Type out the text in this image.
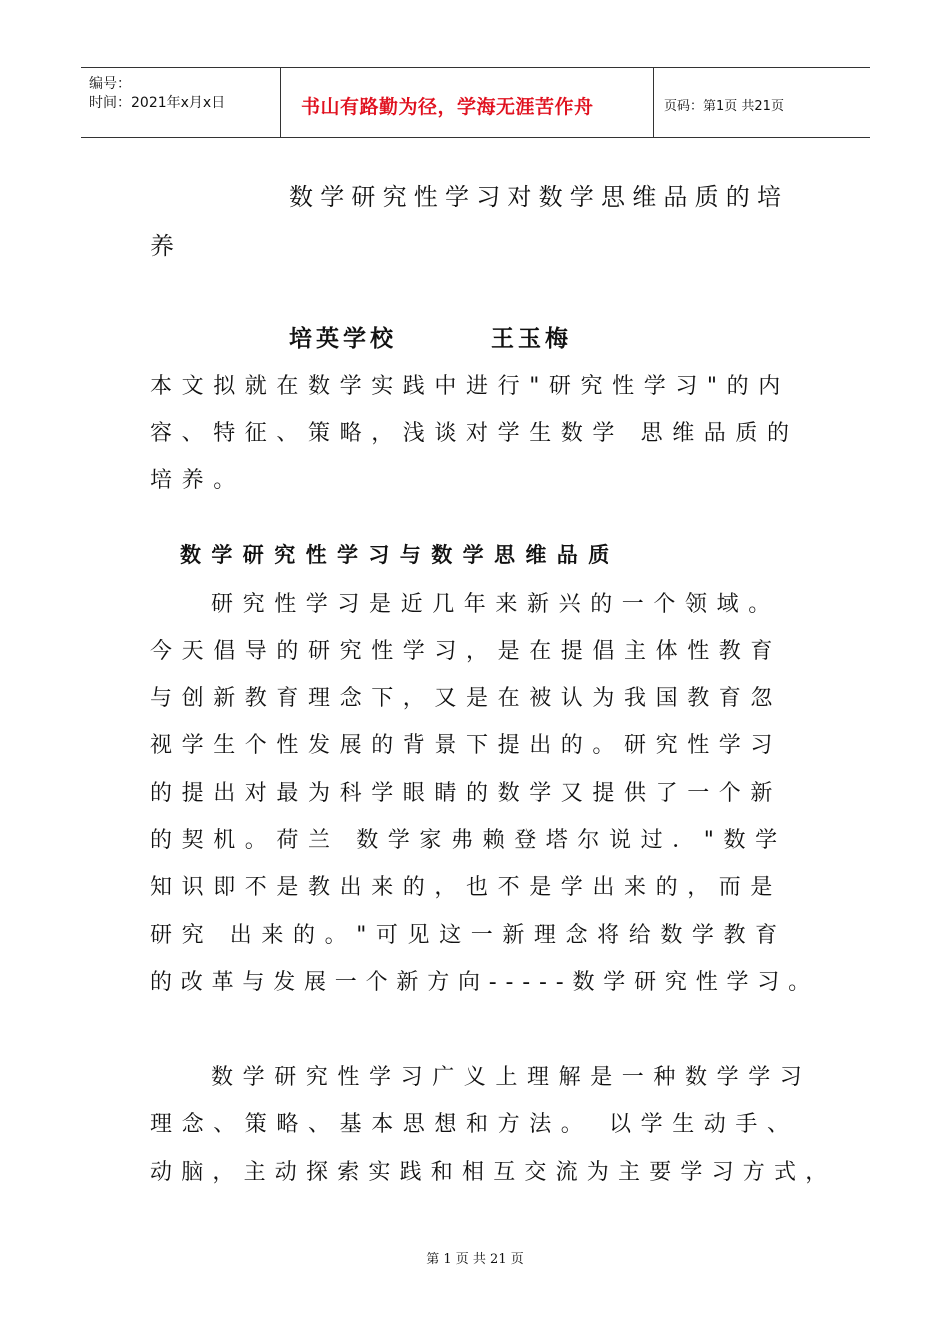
编号：
时间：2021年x月x日	书山有路勤为径，学海无涯苦作舟	页码：第1页 共21页
数学研究性学习对数学思维品质的培
养
培英学校	王玉梅
本文拟就在数学实践中进行"研究性学习"的内
容、特征、策略，浅谈对学生数学 思维品质的
培养。
数学研究性学习与数学思维品质
研究性学习是近几年来新兴的一个领域。
今天倡导的研究性学习，是在提倡主体性教育
与创新教育理念下，又是在被认为我国教育忽
视学生个性发展的背景下提出的。研究性学习
的提出对最为科学眼睛的数学又提供了一个新
的契机。荷兰 数学家弗赖登塔尔说过．"数学
知识即不是教出来的，也不是学出来的，而是
研究 出来的。"可见这一新理念将给数学教育
的改革与发展一个新方向-----数学研究性学习。
数学研究性学习广义上理解是一种数学学习
理念、策略、基本思想和方法。 以学生动手、
动脑，主动探索实践和相互交流为主要学习方式，
第 1 页 共 21 页
